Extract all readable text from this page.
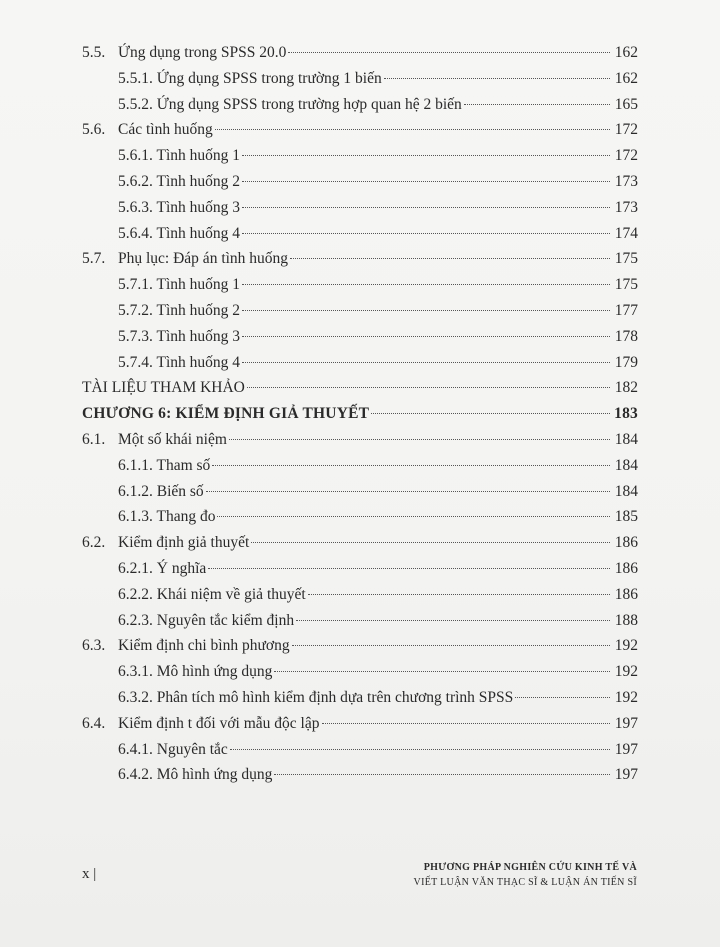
5.5. Ứng dụng trong SPSS 20.0	162
5.5.1. Ứng dụng SPSS trong trường 1 biến	162
5.5.2. Ứng dụng SPSS trong trường hợp quan hệ 2 biến	165
5.6. Các tình huống	172
5.6.1. Tình huống 1	172
5.6.2. Tình huống 2	173
5.6.3. Tình huống 3	173
5.6.4. Tình huống 4	174
5.7. Phụ lục: Đáp án tình huống	175
5.7.1. Tình huống 1	175
5.7.2. Tình huống 2	177
5.7.3. Tình huống 3	178
5.7.4. Tình huống 4	179
TÀI LIỆU THAM KHẢO	182
CHƯƠNG 6: KIỂM ĐỊNH GIẢ THUYẾT	183
6.1. Một số khái niệm	184
6.1.1. Tham số	184
6.1.2. Biến số	184
6.1.3. Thang đo	185
6.2. Kiểm định giả thuyết	186
6.2.1. Ý nghĩa	186
6.2.2. Khái niệm về giả thuyết	186
6.2.3. Nguyên tắc kiểm định	188
6.3. Kiểm định chi bình phương	192
6.3.1. Mô hình ứng dụng	192
6.3.2. Phân tích mô hình kiểm định dựa trên chương trình SPSS	192
6.4. Kiểm định t đối với mẫu độc lập	197
6.4.1. Nguyên tắc	197
6.4.2. Mô hình ứng dụng	197
x |	PHƯƠNG PHÁP NGHIÊN CỨU KINH TẾ VÀ
VIẾT LUẬN VĂN THẠC SĨ & LUẬN ÁN TIẾN SĨ
